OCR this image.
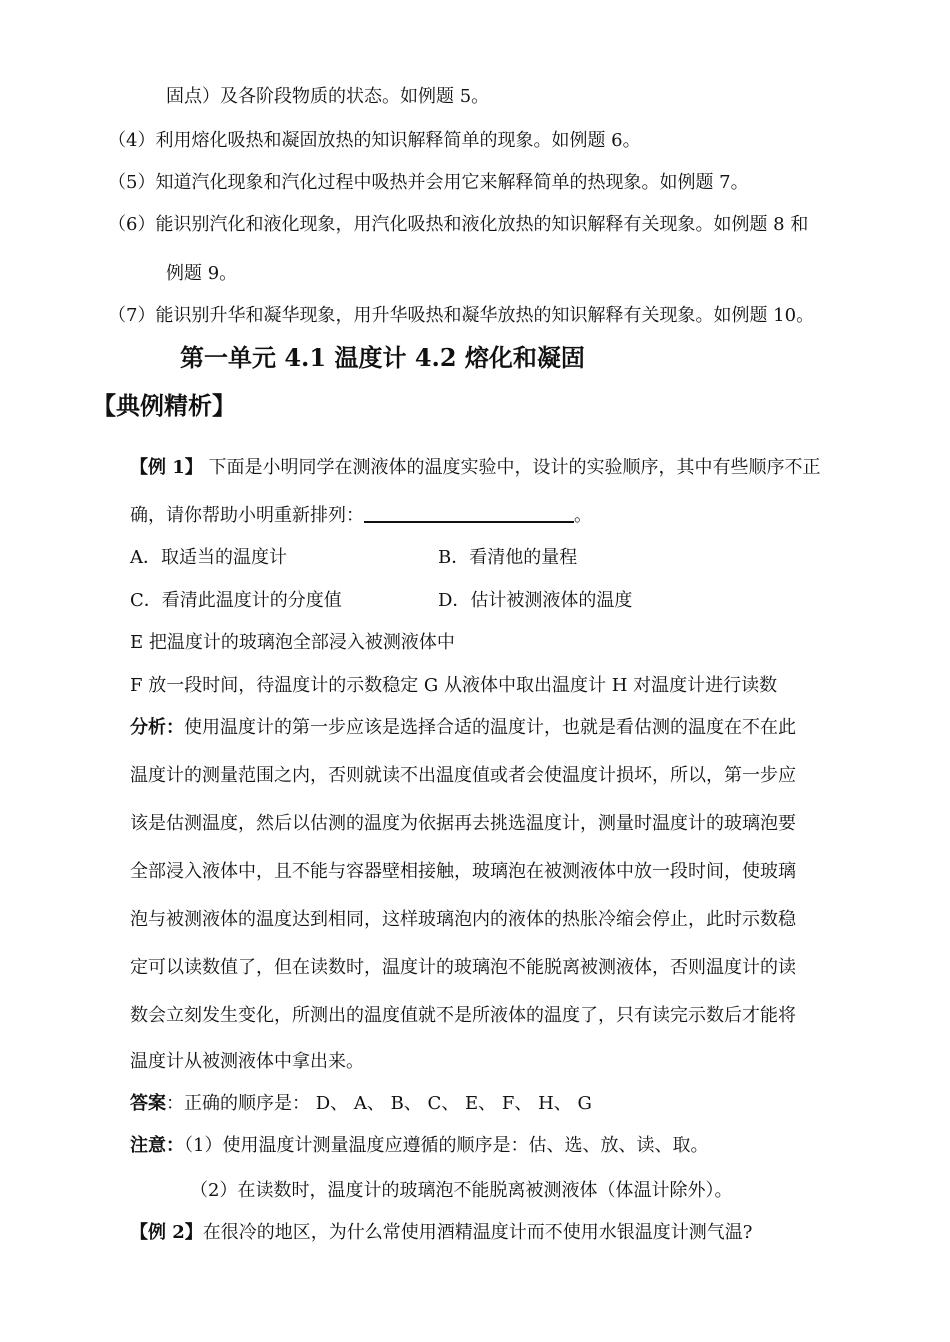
固点）及各阶段物质的状态。如例题 5。
（4）利用熔化吸热和凝固放热的知识解释简单的现象。如例题 6。
（5）知道汽化现象和汽化过程中吸热并会用它来解释简单的热现象。如例题 7。
（6）能识别汽化和液化现象，用汽化吸热和液化放热的知识解释有关现象。如例题 8 和
例题 9。
（7）能识别升华和凝华现象，用升华吸热和凝华放热的知识解释有关现象。如例题 10。
第一单元 4.1 温度计 4.2 熔化和凝固
【典例精析】
【例 1】 下面是小明同学在测液体的温度实验中，设计的实验顺序，其中有些顺序不正
确，请你帮助小明重新排列：	。
A．取适当的温度计	B．看清他的量程
C．看清此温度计的分度值	D．估计被测液体的温度
E 把温度计的玻璃泡全部浸入被测液体中
F 放一段时间，待温度计的示数稳定 G 从液体中取出温度计 H 对温度计进行读数
分析：使用温度计的第一步应该是选择合适的温度计，也就是看估测的温度在不在此
温度计的测量范围之内，否则就读不出温度值或者会使温度计损坏，所以，第一步应
该是估测温度，然后以估测的温度为依据再去挑选温度计，测量时温度计的玻璃泡要
全部浸入液体中，且不能与容器壁相接触，玻璃泡在被测液体中放一段时间，使玻璃
泡与被测液体的温度达到相同，这样玻璃泡内的液体的热胀冷缩会停止，此时示数稳
定可以读数值了，但在读数时，温度计的玻璃泡不能脱离被测液体，否则温度计的读
数会立刻发生变化，所测出的温度值就不是所液体的温度了，只有读完示数后才能将
温度计从被测液体中拿出来。
答案：正确的顺序是： D、 A、 B、 C、 E、 F、 H、 G
注意：（1）使用温度计测量温度应遵循的顺序是：估、选、放、读、取。
（2）在读数时，温度计的玻璃泡不能脱离被测液体（体温计除外）。
【例 2】在很冷的地区，为什么常使用酒精温度计而不使用水银温度计测气温?
